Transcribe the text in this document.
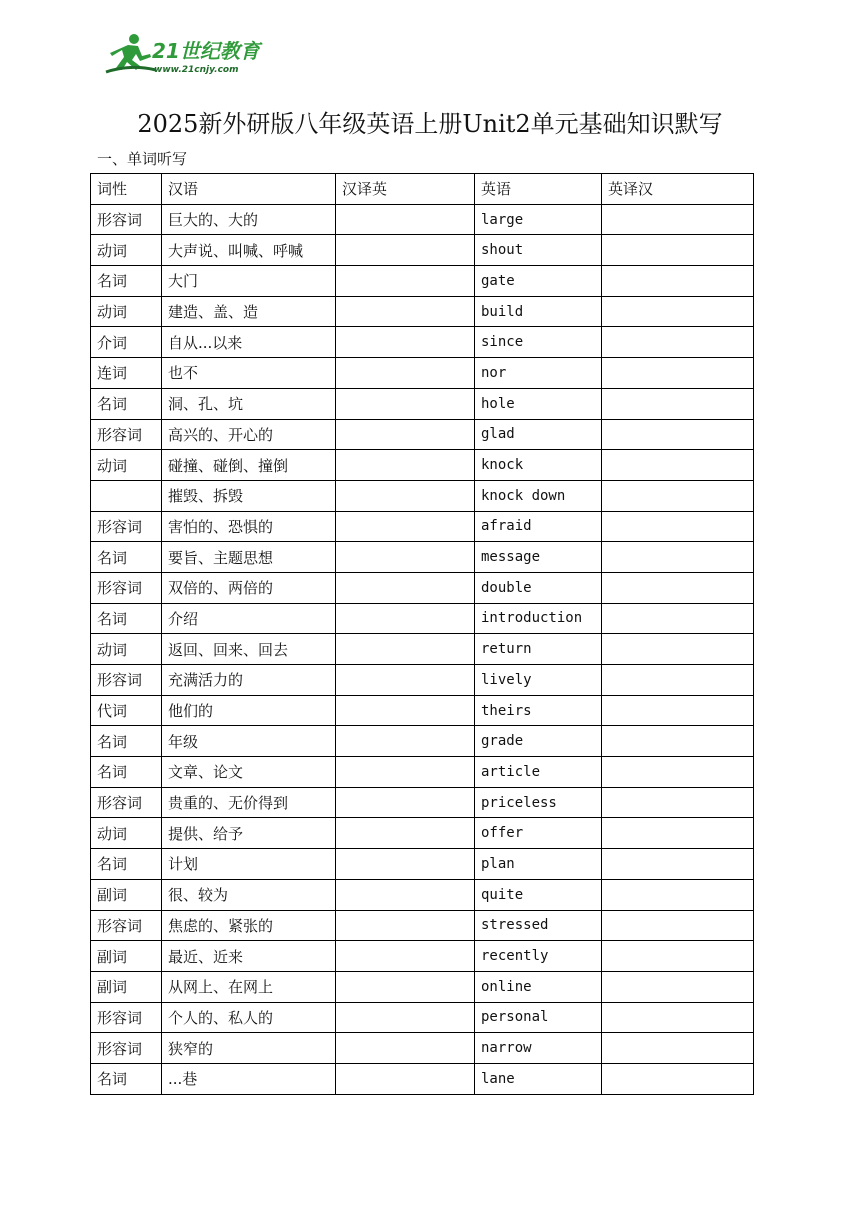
21世纪教育
www.21cnjy.com
2025新外研版八年级英语上册Unit2单元基础知识默写
一、单词听写
词性	汉语	汉译英	英语	英译汉
形容词	巨大的、大的		large	
动词	大声说、叫喊、呼喊		shout	
名词	大门		gate	
动词	建造、盖、造		build	
介词	自从...以来		since	
连词	也不		nor	
名词	洞、孔、坑		hole	
形容词	高兴的、开心的		glad	
动词	碰撞、碰倒、撞倒		knock	
	摧毁、拆毁		knock down	
形容词	害怕的、恐惧的		afraid	
名词	要旨、主题思想		message	
形容词	双倍的、两倍的		double	
名词	介绍		introduction	
动词	返回、回来、回去		return	
形容词	充满活力的		lively	
代词	他们的		theirs	
名词	年级		grade	
名词	文章、论文		article	
形容词	贵重的、无价得到		priceless	
动词	提供、给予		offer	
名词	计划		plan	
副词	很、较为		quite	
形容词	焦虑的、紧张的		stressed	
副词	最近、近来		recently	
副词	从网上、在网上		online	
形容词	个人的、私人的		personal	
形容词	狭窄的		narrow	
名词	...巷		lane	
